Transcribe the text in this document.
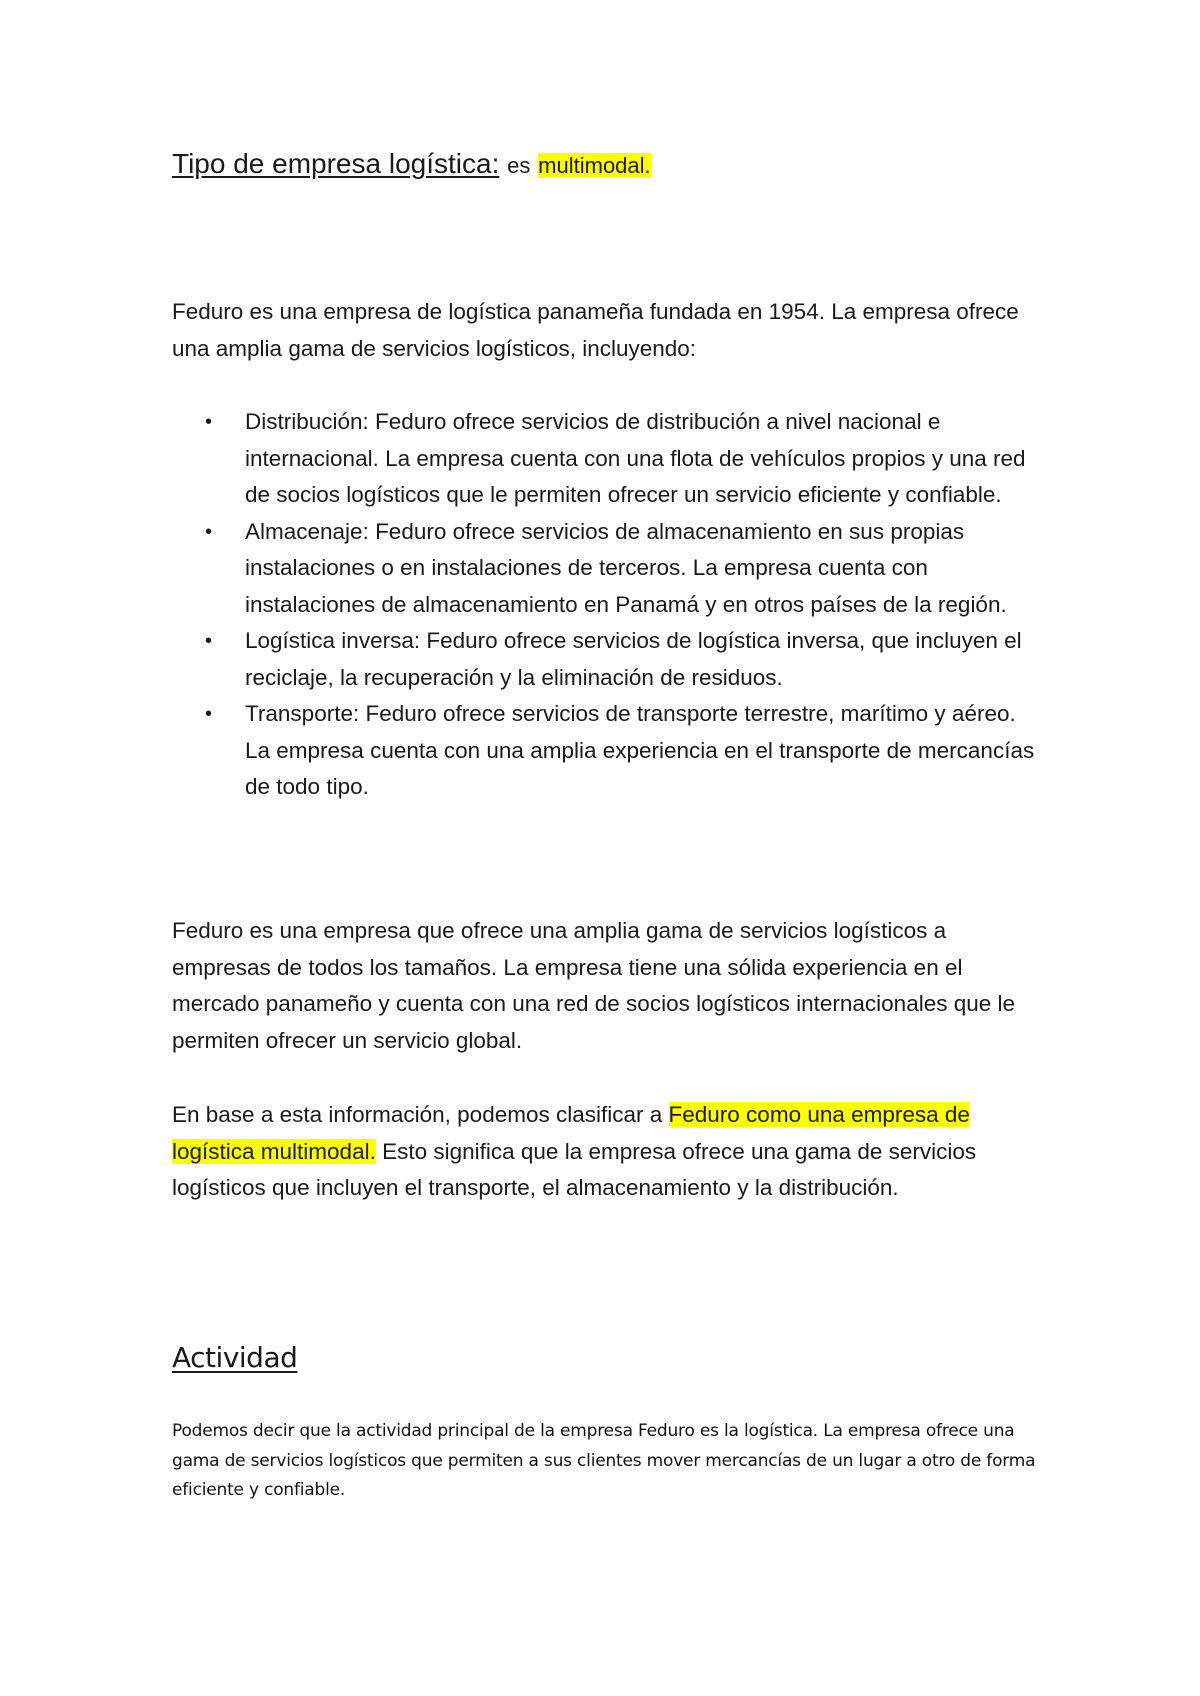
Tipo de empresa logística: es multimodal.

Feduro es una empresa de logística panameña fundada en 1954. La empresa ofrece una amplia gama de servicios logísticos, incluyendo:

• Distribución: Feduro ofrece servicios de distribución a nivel nacional e internacional. La empresa cuenta con una flota de vehículos propios y una red de socios logísticos que le permiten ofrecer un servicio eficiente y confiable.
• Almacenaje: Feduro ofrece servicios de almacenamiento en sus propias instalaciones o en instalaciones de terceros. La empresa cuenta con instalaciones de almacenamiento en Panamá y en otros países de la región.
• Logística inversa: Feduro ofrece servicios de logística inversa, que incluyen el reciclaje, la recuperación y la eliminación de residuos.
• Transporte: Feduro ofrece servicios de transporte terrestre, marítimo y aéreo. La empresa cuenta con una amplia experiencia en el transporte de mercancías de todo tipo.

Feduro es una empresa que ofrece una amplia gama de servicios logísticos a empresas de todos los tamaños. La empresa tiene una sólida experiencia en el mercado panameño y cuenta con una red de socios logísticos internacionales que le permiten ofrecer un servicio global.

En base a esta información, podemos clasificar a Feduro como una empresa de logística multimodal. Esto significa que la empresa ofrece una gama de servicios logísticos que incluyen el transporte, el almacenamiento y la distribución.

Actividad

Podemos decir que la actividad principal de la empresa Feduro es la logística. La empresa ofrece una gama de servicios logísticos que permiten a sus clientes mover mercancías de un lugar a otro de forma eficiente y confiable.
